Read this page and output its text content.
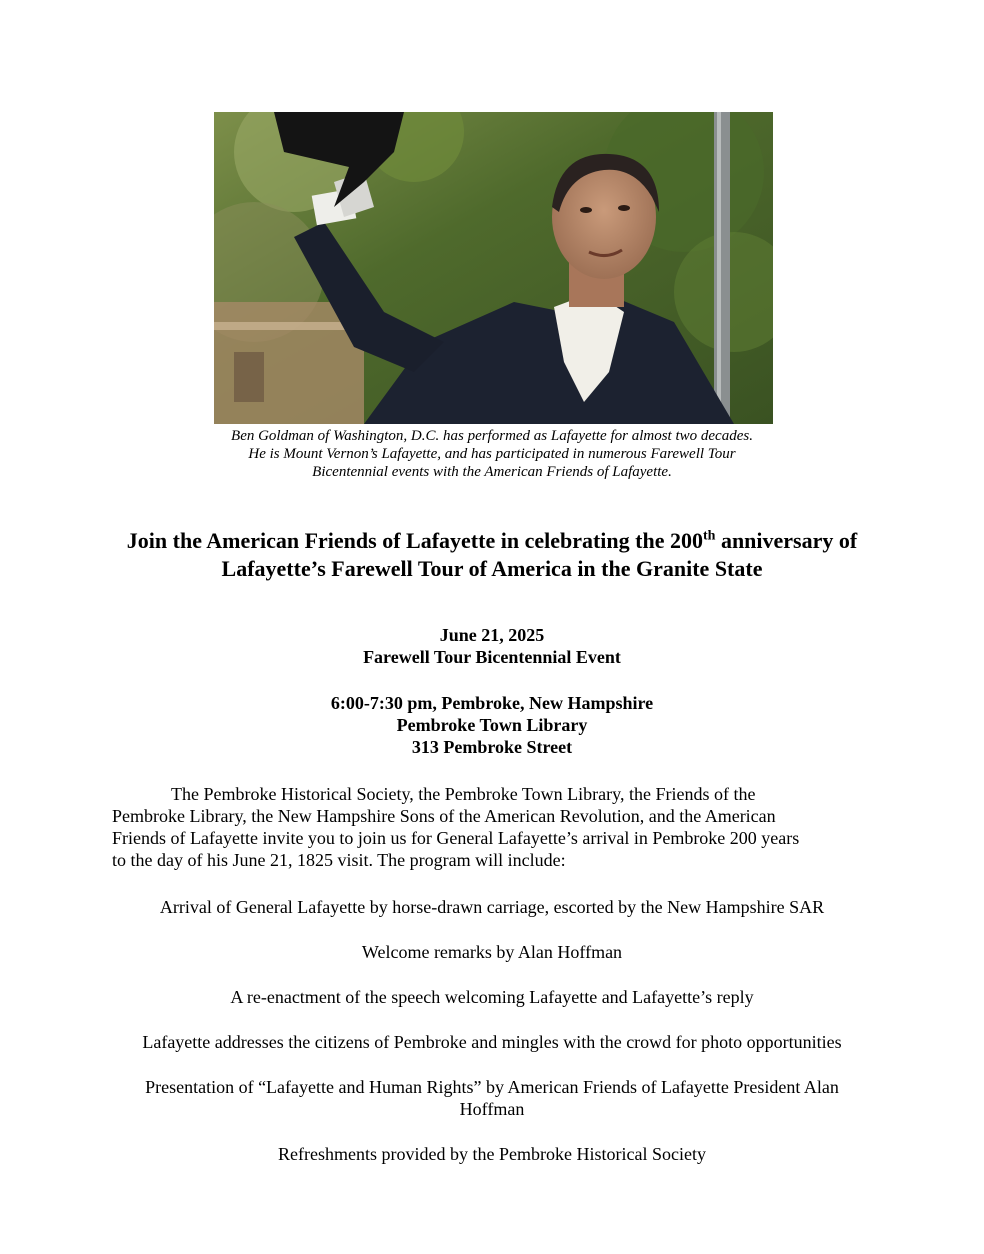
Ben Goldman of Washington, D.C. has performed as Lafayette for almost two decades.
He is Mount Vernon’s Lafayette, and has participated in numerous Farewell Tour
Bicentennial events with the American Friends of Lafayette.
Join the American Friends of Lafayette in celebrating the 200th anniversary of
Lafayette’s Farewell Tour of America in the Granite State
June 21, 2025
Farewell Tour Bicentennial Event
6:00-7:30 pm, Pembroke, New Hampshire
Pembroke Town Library
313 Pembroke Street
The Pembroke Historical Society, the Pembroke Town Library, the Friends of the
Pembroke Library, the New Hampshire Sons of the American Revolution, and the American
Friends of Lafayette invite you to join us for General Lafayette’s arrival in Pembroke 200 years
to the day of his June 21, 1825 visit. The program will include:
Arrival of General Lafayette by horse-drawn carriage, escorted by the New Hampshire SAR
Welcome remarks by Alan Hoffman
A re-enactment of the speech welcoming Lafayette and Lafayette’s reply
Lafayette addresses the citizens of Pembroke and mingles with the crowd for photo opportunities
Presentation of “Lafayette and Human Rights” by American Friends of Lafayette President Alan
Hoffman
Refreshments provided by the Pembroke Historical Society
